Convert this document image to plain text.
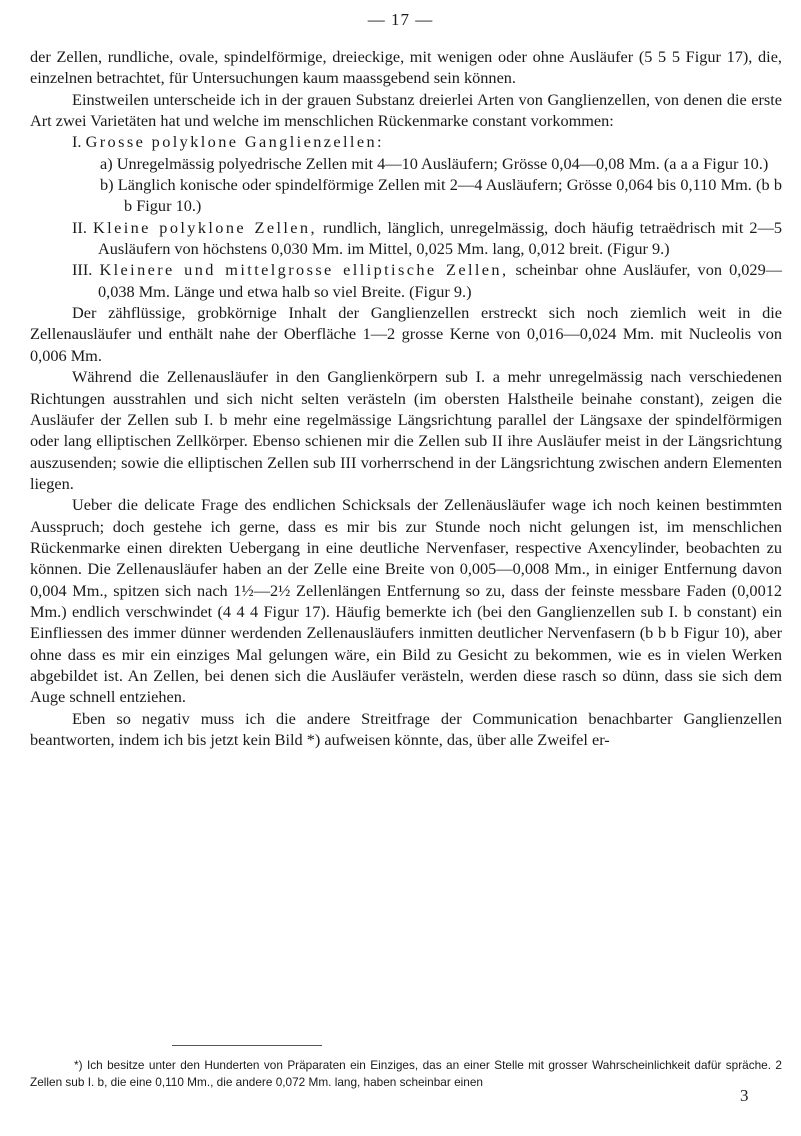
— 17 —

der Zellen, rundliche, ovale, spindelförmige, dreieckige, mit wenigen oder ohne Ausläufer (5 5 5 Figur 17), die, einzelnen betrachtet, für Untersuchungen kaum maassgebend sein können.

Einstweilen unterscheide ich in der grauen Substanz dreierlei Arten von Ganglienzellen, von denen die erste Art zwei Varietäten hat und welche im menschlichen Rückenmarke constant vorkommen:

I. Grosse polyklone Ganglienzellen:

a) Unregelmässig polyedrische Zellen mit 4—10 Ausläufern; Grösse 0,04—0,08 Mm. (a a a Figur 10.)

b) Länglich konische oder spindelförmige Zellen mit 2—4 Ausläufern; Grösse 0,064 bis 0,110 Mm. (b b b Figur 10.)

II. Kleine polyklone Zellen, rundlich, länglich, unregelmässig, doch häufig tetraëdrisch mit 2—5 Ausläufern von höchstens 0,030 Mm. im Mittel, 0,025 Mm. lang, 0,012 breit. (Figur 9.)

III. Kleinere und mittelgrosse elliptische Zellen, scheinbar ohne Ausläufer, von 0,029—0,038 Mm. Länge und etwa halb so viel Breite. (Figur 9.)

Der zähflüssige, grobkörnige Inhalt der Ganglienzellen erstreckt sich noch ziemlich weit in die Zellenausläufer und enthält nahe der Oberfläche 1—2 grosse Kerne von 0,016—0,024 Mm. mit Nucleolis von 0,006 Mm.

Während die Zellenausläufer in den Ganglienkörpern sub I. a mehr unregelmässig nach verschiedenen Richtungen ausstrahlen und sich nicht selten verästeln (im obersten Halstheile beinahe constant), zeigen die Ausläufer der Zellen sub I. b mehr eine regelmässige Längsrichtung parallel der Längsaxe der spindelförmigen oder lang elliptischen Zellkörper. Ebenso schienen mir die Zellen sub II ihre Ausläufer meist in der Längsrichtung auszusenden; sowie die elliptischen Zellen sub III vorherrschend in der Längsrichtung zwischen andern Elementen liegen.

Ueber die delicate Frage des endlichen Schicksals der Zellenäusläufer wage ich noch keinen bestimmten Ausspruch; doch gestehe ich gerne, dass es mir bis zur Stunde noch nicht gelungen ist, im menschlichen Rückenmarke einen direkten Uebergang in eine deutliche Nervenfaser, respective Axencylinder, beobachten zu können. Die Zellenausläufer haben an der Zelle eine Breite von 0,005—0,008 Mm., in einiger Entfernung davon 0,004 Mm., spitzen sich nach 1½—2½ Zellenlängen Entfernung so zu, dass der feinste messbare Faden (0,0012 Mm.) endlich verschwindet (4 4 4 Figur 17). Häufig bemerkte ich (bei den Ganglienzellen sub I. b constant) ein Einfliessen des immer dünner werdenden Zellenausläufers inmitten deutlicher Nervenfasern (b b b Figur 10), aber ohne dass es mir ein einziges Mal gelungen wäre, ein Bild zu Gesicht zu bekommen, wie es in vielen Werken abgebildet ist. An Zellen, bei denen sich die Ausläufer verästeln, werden diese rasch so dünn, dass sie sich dem Auge schnell entziehen.

Eben so negativ muss ich die andere Streitfrage der Communication benachbarter Ganglienzellen beantworten, indem ich bis jetzt kein Bild *) aufweisen könnte, das, über alle Zweifel er-

*) Ich besitze unter den Hunderten von Präparaten ein Einziges, das an einer Stelle mit grosser Wahrscheinlichkeit dafür spräche. 2 Zellen sub I. b, die eine 0,110 Mm., die andere 0,072 Mm. lang, haben scheinbar einen

3
